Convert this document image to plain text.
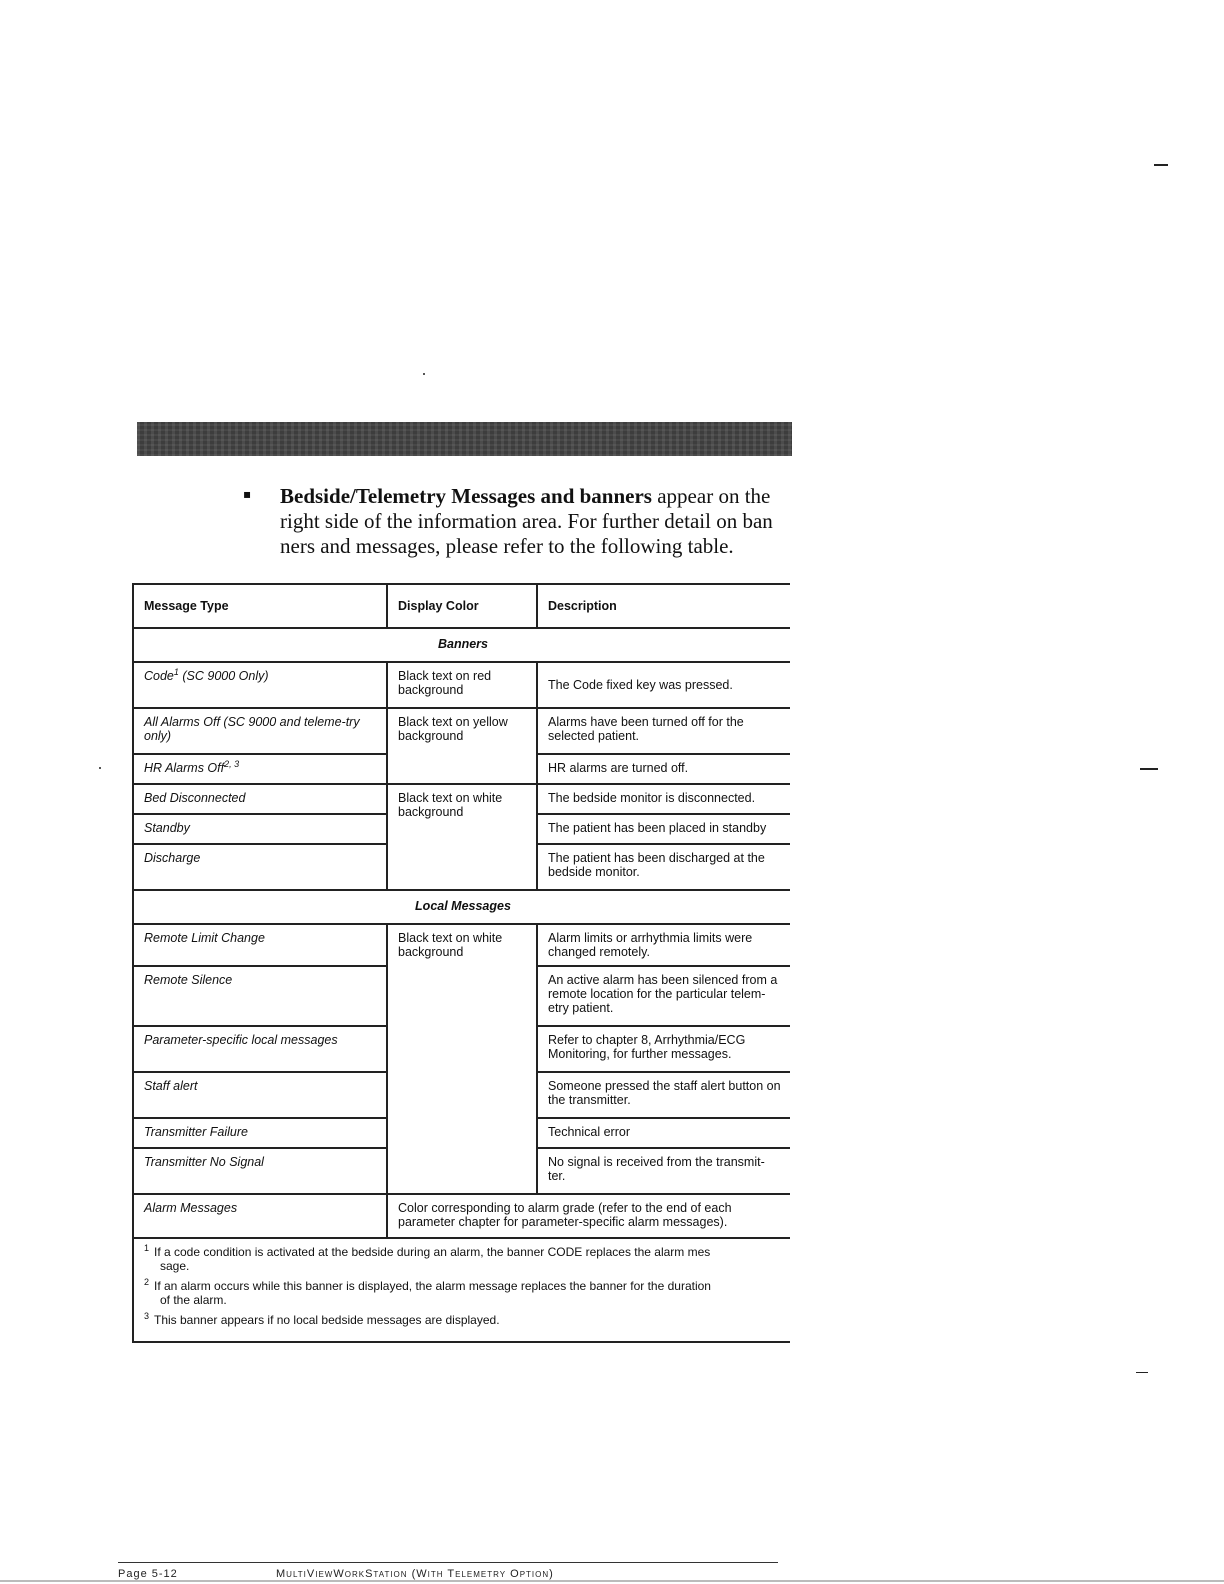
▪	Bedside/Telemetry Messages and banners appear on the
right side of the information area. For further detail on ban
ners and messages, please refer to the following table.
Message Type	Display Color	Description
Banners		
Code$^1$ (SC 9000 Only)	Black text on red background	The Code fixed key was pressed.
All Alarms Off (SC 9000 and teleme-try only)	Black text on yellow background	Alarms have been turned off for the selected patient.
HR Alarms Off$^{2, 3}$		HR alarms are turned off.
Bed Disconnected	Black text on white background	The bedside monitor is disconnected.
Standby		The patient has been placed in standby
Discharge		The patient has been discharged at the bedside monitor.
Local Messages		
Remote Limit Change	Black text on white background	Alarm limits or arrhythmia limits were changed remotely.
Remote Silence		An active alarm has been silenced from a remote location for the particular telem-etry patient.
Parameter-specific local messages		Refer to chapter 8, Arrhythmia/ECG Monitoring, for further messages.
Staff alert		Someone pressed the staff alert button on the transmitter.
Transmitter Failure		Technical error
Transmitter No Signal		No signal is received from the transmit-ter.
Alarm Messages	Color corresponding to alarm grade (refer to the end of each parameter chapter for parameter-specific alarm messages).	
1 If a code condition is activated at the bedside during an alarm, the banner CODE replaces the alarm mes
sage.
2 If an alarm occurs while this banner is displayed, the alarm message replaces the banner for the duration
of the alarm.
3 This banner appears if no local bedside messages are displayed.
Page 5-12	MultiViewWorkStation (With Telemetry Option)
